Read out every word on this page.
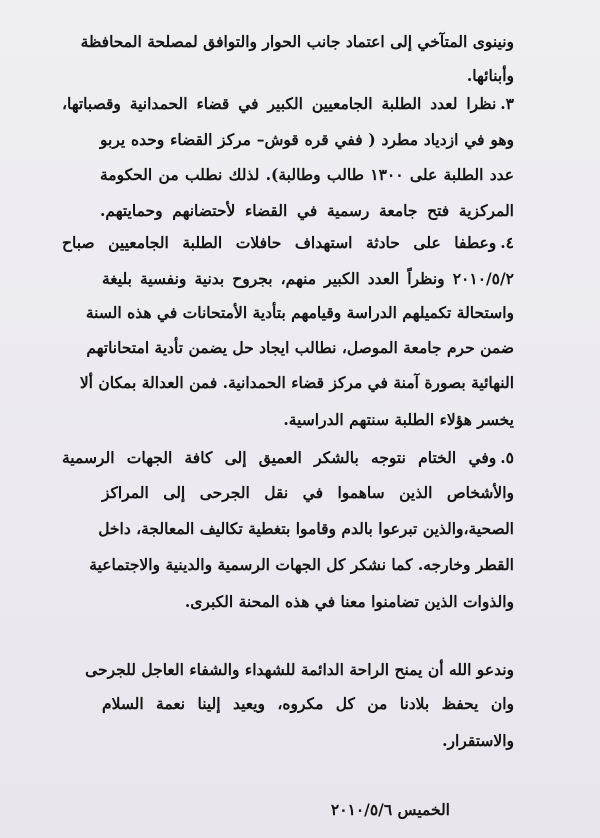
ونينوى المتآخي إلى اعتماد جانب الحوار والتوافق لمصلحة المحافظة
وأبنائها.
٣.نظرا لعدد الطلبة الجامعيين الكبير في قضاء الحمدانية وقصباتها،
وهو في ازدياد مطرد ( ففي قره قوش– مركز القضاء وحده يربو
عدد الطلبة على ١٣٠٠ طالب وطالبة). لذلك نطلب من الحكومة
المركزية فتح جامعة رسمية في القضاء لأحتضانهم وحمايتهم.
٤.وعطفا على حادثة استهداف حافلات الطلبة الجامعيين صباح
٢٠١٠/٥/٢ ونظراً العدد الكبير منهم، بجروح بدنية ونفسية بليغة
واستحالة تكميلهم الدراسة وقيامهم بتأدية الأمتحانات في هذه السنة
ضمن حرم جامعة الموصل، نطالب ايجاد حل يضمن تأدية امتحاناتهم
النهائية بصورة آمنة في مركز قضاء الحمدانية. فمن العدالة بمكان ألا
يخسر هؤلاء الطلبة سنتهم الدراسية.
٥.وفي الختام نتوجه بالشكر العميق إلى كافة الجهات الرسمية
والأشخاص الذين ساهموا في نقل الجرحى إلى المراكز
الصحية،والذين تبرعوا بالدم وقاموا بتغطية تكاليف المعالجة، داخل
القطر وخارجه. كما نشكر كل الجهات الرسمية والدينية والاجتماعية
والذوات الذين تضامنوا معنا في هذه المحنة الكبرى.
وندعو الله أن يمنح الراحة الدائمة للشهداء والشفاء العاجل للجرحى
وان يحفظ بلادنا من كل مكروه، ويعيد إلينا نعمة السلام
والاستقرار.
الخميس ٢٠١٠/٥/٦
